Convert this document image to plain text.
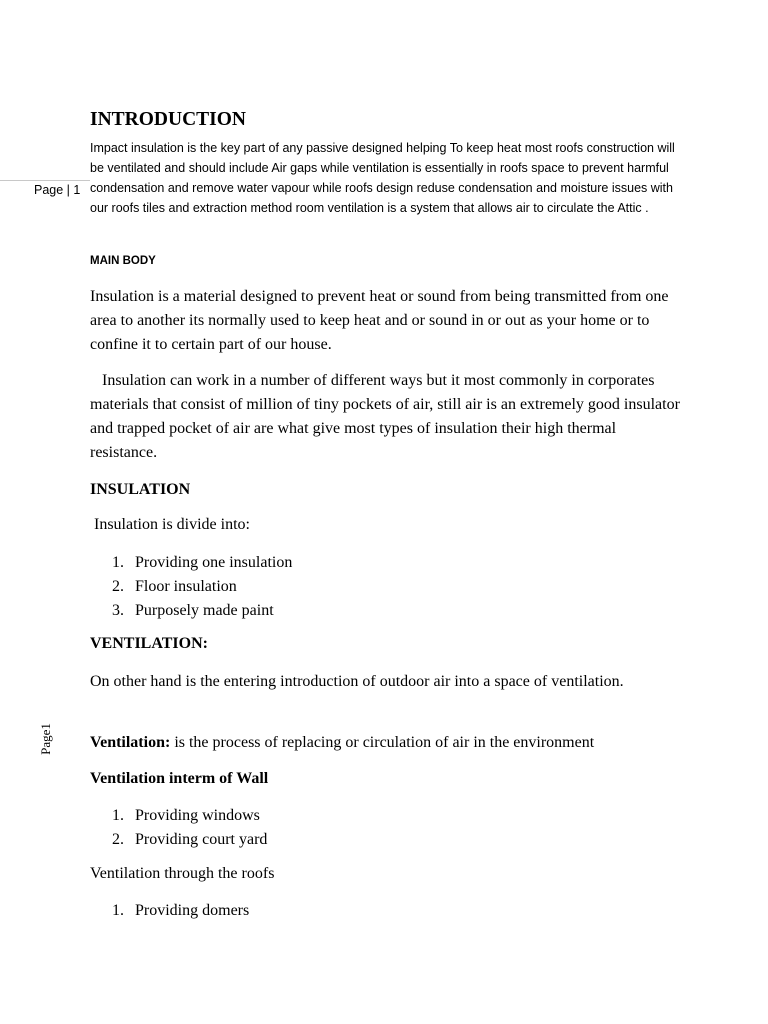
Page | 1
Page1
INTRODUCTION
Impact insulation is the key part of any passive designed helping To keep heat most roofs construction will be ventilated and should include Air gaps while ventilation is essentially in roofs space to prevent harmful condensation and remove water vapour while roofs design reduse condensation and moisture issues with our roofs tiles and extraction method room ventilation is a system that allows air to circulate the Attic .
MAIN BODY
Insulation is a material designed to prevent heat or sound from being transmitted from one area to another its normally used to keep heat and or sound in or out as your home or to confine it to certain part of our house.
Insulation can work in a number of different ways but it most commonly in corporates materials that consist of million of tiny pockets of air, still air is an extremely good insulator and trapped pocket of air are what give most types of insulation their high thermal resistance.
INSULATION
Insulation is divide into:
1. Providing one insulation
2. Floor insulation
3. Purposely made paint
VENTILATION:
On other hand is the entering introduction of outdoor air into a space of ventilation.
Ventilation: is the process of replacing or circulation of air in the environment
Ventilation interm of Wall
1. Providing windows
2. Providing court yard
Ventilation through the roofs
1. Providing domers
